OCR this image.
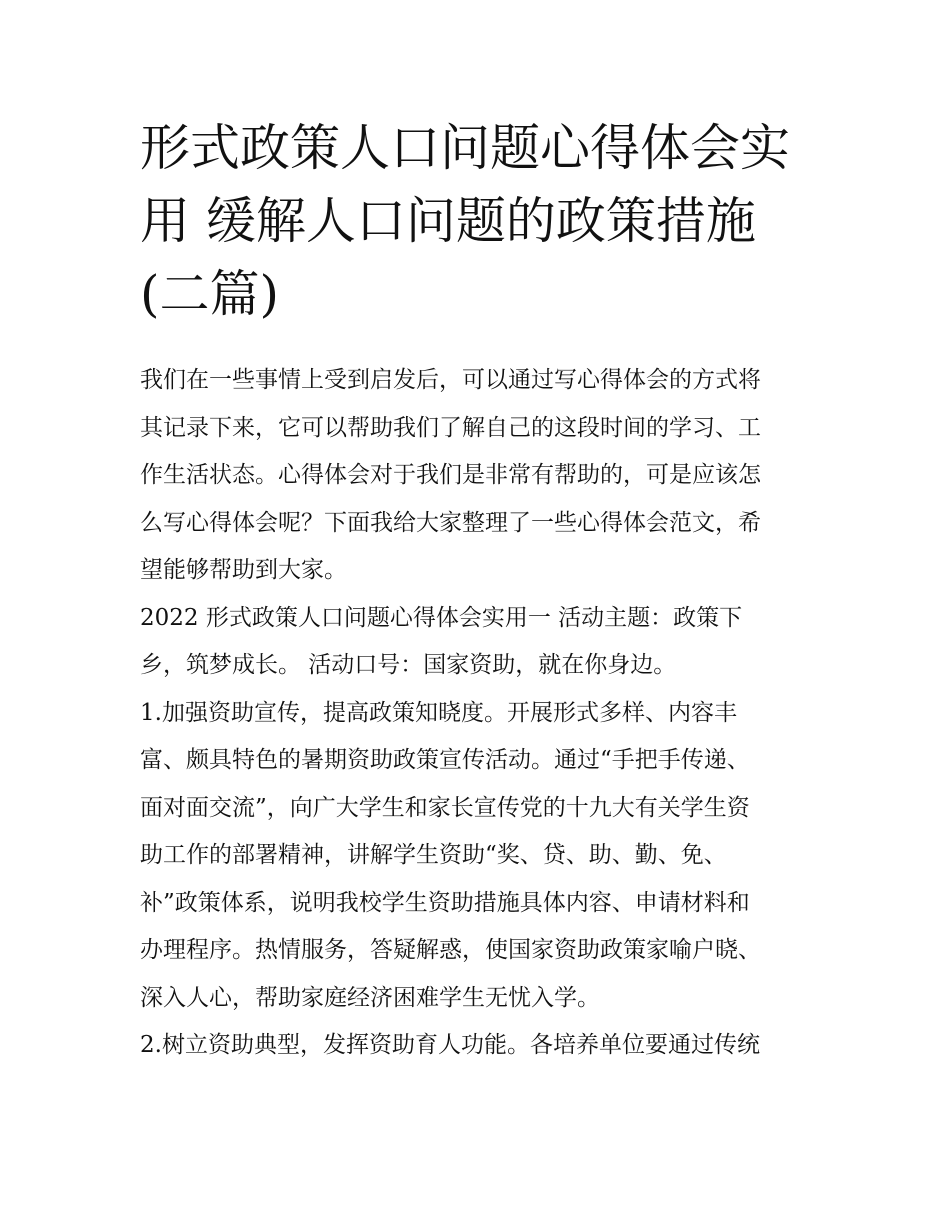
形式政策人口问题心得体会实
用 缓解人口问题的政策措施
(二篇)
我们在一些事情上受到启发后，可以通过写心得体会的方式将
其记录下来，它可以帮助我们了解自己的这段时间的学习、工
作生活状态。心得体会对于我们是非常有帮助的，可是应该怎
么写心得体会呢？下面我给大家整理了一些心得体会范文，希
望能够帮助到大家。
2022 形式政策人口问题心得体会实用一 活动主题：政策下
乡，筑梦成长。 活动口号：国家资助，就在你身边。
1.加强资助宣传，提高政策知晓度。开展形式多样、内容丰
富、颇具特色的暑期资助政策宣传活动。通过“手把手传递、
面对面交流”，向广大学生和家长宣传党的十九大有关学生资
助工作的部署精神，讲解学生资助“奖、贷、助、勤、免、
补”政策体系，说明我校学生资助措施具体内容、申请材料和
办理程序。热情服务，答疑解惑，使国家资助政策家喻户晓、
深入人心，帮助家庭经济困难学生无忧入学。
2.树立资助典型，发挥资助育人功能。各培养单位要通过传统
